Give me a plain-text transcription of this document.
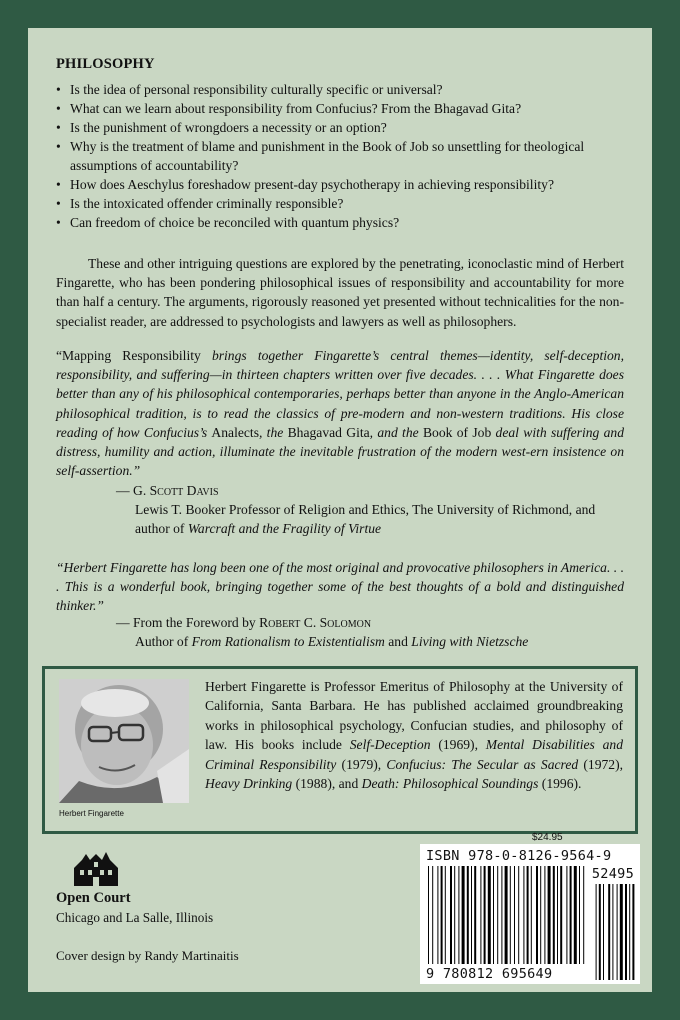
PHILOSOPHY
• Is the idea of personal responsibility culturally specific or universal?
• What can we learn about responsibility from Confucius? From the Bhagavad Gita?
• Is the punishment of wrongdoers a necessity or an option?
• Why is the treatment of blame and punishment in the Book of Job so unsettling for theological assumptions of accountability?
• How does Aeschylus foreshadow present-day psychotherapy in achieving responsibility?
• Is the intoxicated offender criminally responsible?
• Can freedom of choice be reconciled with quantum physics?

These and other intriguing questions are explored by the penetrating, iconoclastic mind of Herbert Fingarette, who has been pondering philosophical issues of responsibility and accountability for more than half a century. The arguments, rigorously reasoned yet presented without technicalities for the non-specialist reader, are addressed to psychologists and lawyers as well as philosophers.

“Mapping Responsibility brings together Fingarette’s central themes—identity, self-deception, responsibility, and suffering—in thirteen chapters written over five decades. . . . What Fingarette does better than any of his philosophical contemporaries, perhaps better than anyone in the Anglo-American philosophical tradition, is to read the classics of pre-modern and non-western traditions. His close reading of how Confucius’s Analects, the Bhagavad Gita, and the Book of Job deal with suffering and distress, humility and action, illuminate the inevitable frustration of the modern west-ern insistence on self-assertion.”

— G. Scott Davis
Lewis T. Booker Professor of Religion and Ethics, The University of Richmond, and
author of Warcraft and the Fragility of Virtue

“Herbert Fingarette has long been one of the most original and provocative philosophers in America. . . . This is a wonderful book, bringing together some of the best thoughts of a bold and distinguished thinker.”

— From the Foreword by Robert C. Solomon
Author of From Rationalism to Existentialism and Living with Nietzsche
Herbert Fingarette

Herbert Fingarette is Professor Emeritus of Philosophy at the University of California, Santa Barbara. He has published acclaimed groundbreaking works in philosophical psychology, Confucian studies, and philosophy of law. His books include Self-Deception (1969), Mental Disabilities and Criminal Responsibility (1979), Confucius: The Secular as Sacred (1972), Heavy Drinking (1988), and Death: Philosophical Soundings (1996).

Open Court
Chicago and La Salle, Illinois
Cover design by Randy Martinaitis
$24.95
ISBN 978-0-8126-9564-9
52495
9 780812 695649
